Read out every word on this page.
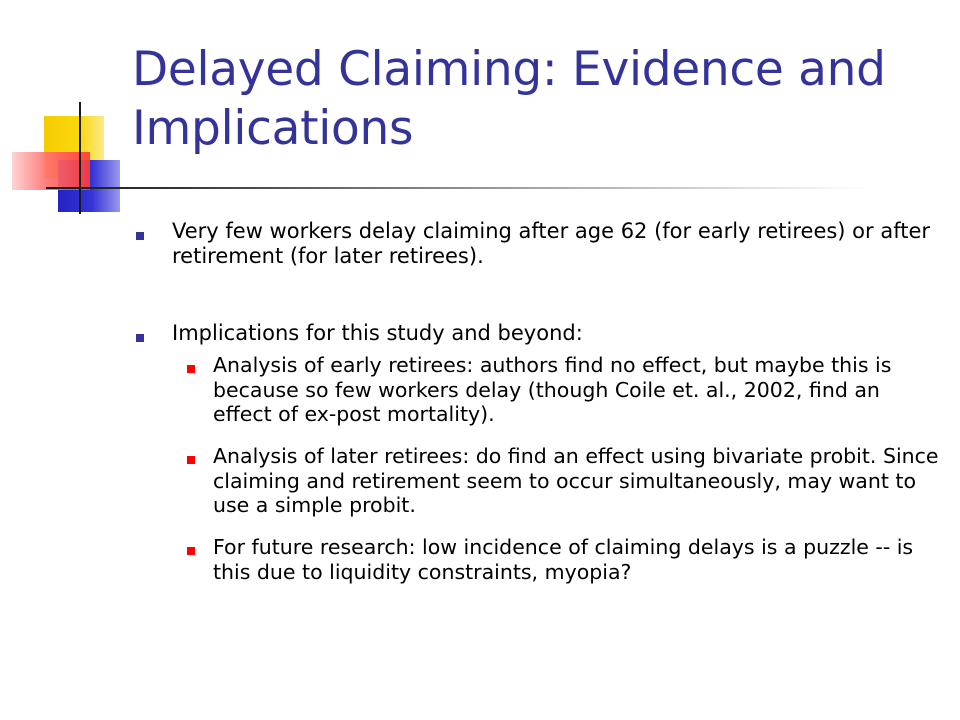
Delayed Claiming: Evidence and Implications
Very few workers delay claiming after age 62 (for early retirees) or after retirement (for later retirees).
Implications for this study and beyond:
Analysis of early retirees: authors find no effect, but maybe this is because so few workers delay (though Coile et. al., 2002, find an effect of ex-post mortality).
Analysis of later retirees: do find an effect using bivariate probit. Since claiming and retirement seem to occur simultaneously, may want to use a simple probit.
For future research: low incidence of claiming delays is a puzzle -- is this due to liquidity constraints, myopia?
